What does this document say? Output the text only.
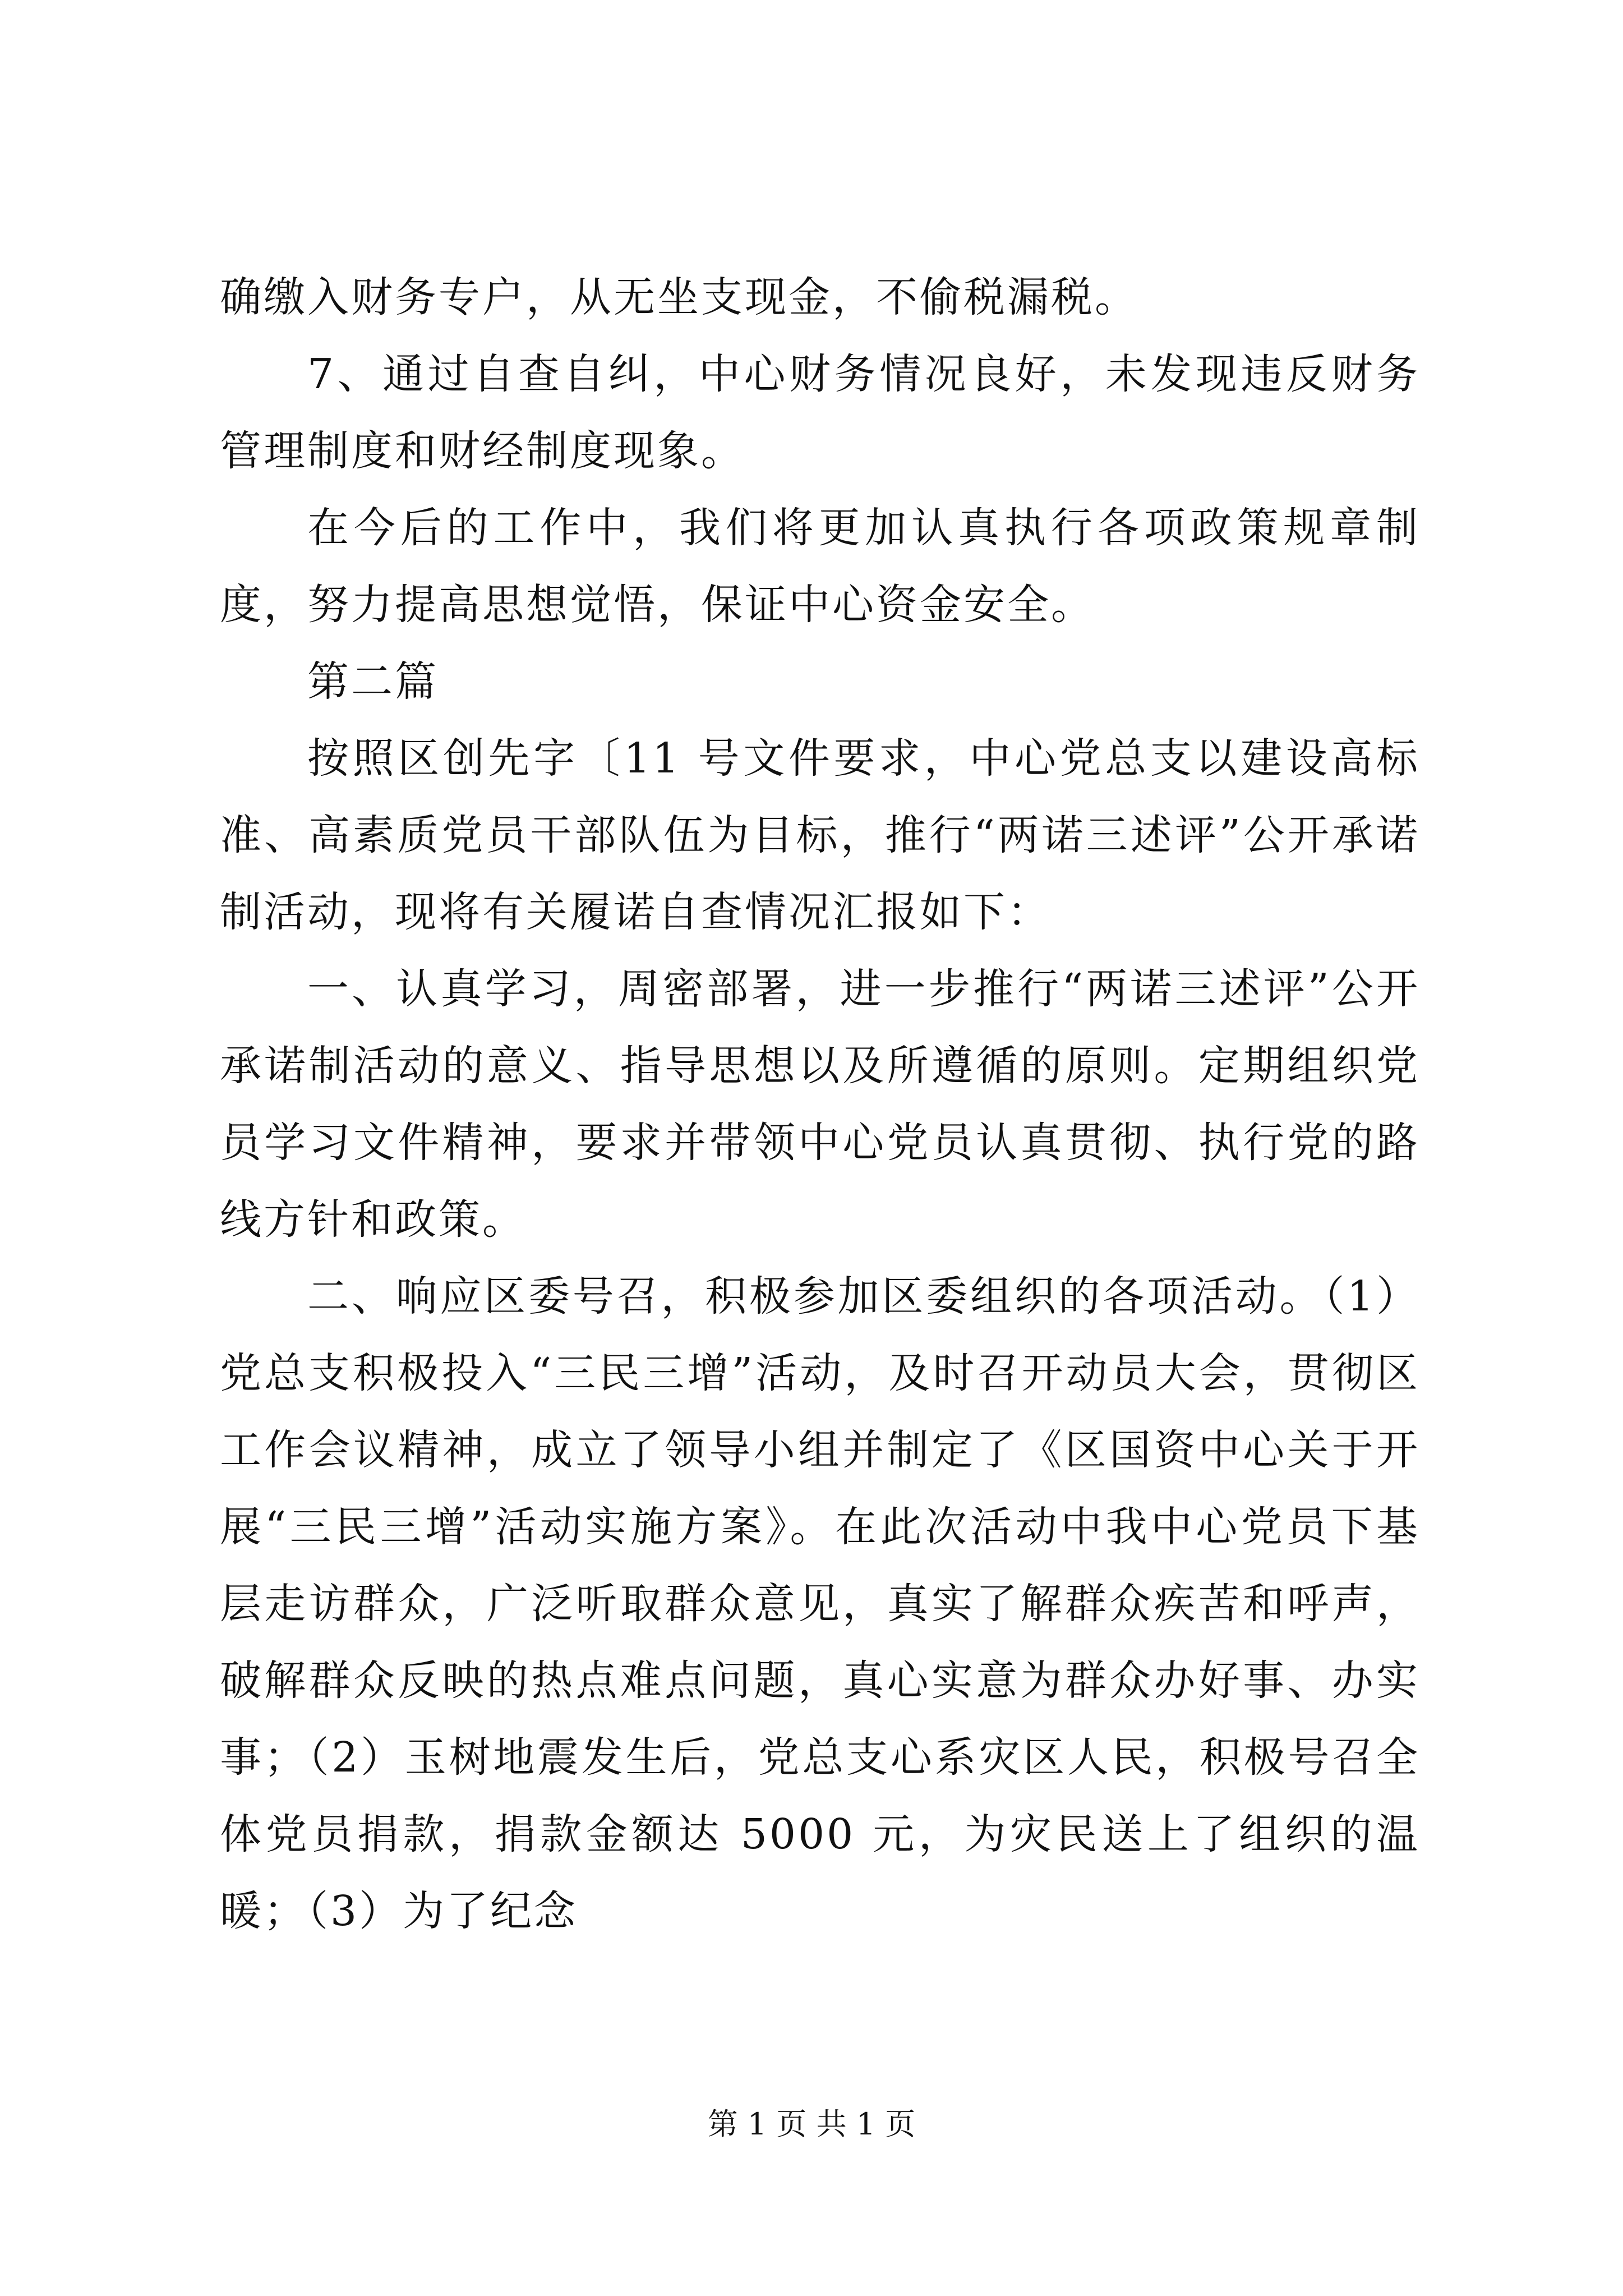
确缴入财务专户，从无坐支现金，不偷税漏税。

7、通过自查自纠，中心财务情况良好，未发现违反财务管理制度和财经制度现象。

在今后的工作中，我们将更加认真执行各项政策规章制度，努力提高思想觉悟，保证中心资金安全。

第二篇

按照区创先字〔11 号文件要求，中心党总支以建设高标准、高素质党员干部队伍为目标，推行“两诺三述评”公开承诺制活动，现将有关履诺自查情况汇报如下：

一、认真学习，周密部署，进一步推行“两诺三述评”公开承诺制活动的意义、指导思想以及所遵循的原则。定期组织党员学习文件精神，要求并带领中心党员认真贯彻、执行党的路线方针和政策。

二、响应区委号召，积极参加区委组织的各项活动。（1）党总支积极投入“三民三增”活动，及时召开动员大会，贯彻区工作会议精神，成立了领导小组并制定了《区国资中心关于开展“三民三增”活动实施方案》。在此次活动中我中心党员下基层走访群众，广泛听取群众意见，真实了解群众疾苦和呼声，破解群众反映的热点难点问题，真心实意为群众办好事、办实事；（2）玉树地震发生后，党总支心系灾区人民，积极号召全体党员捐款，捐款金额达 5000 元，为灾民送上了组织的温暖；（3）为了纪念

第 1 页 共 1 页
